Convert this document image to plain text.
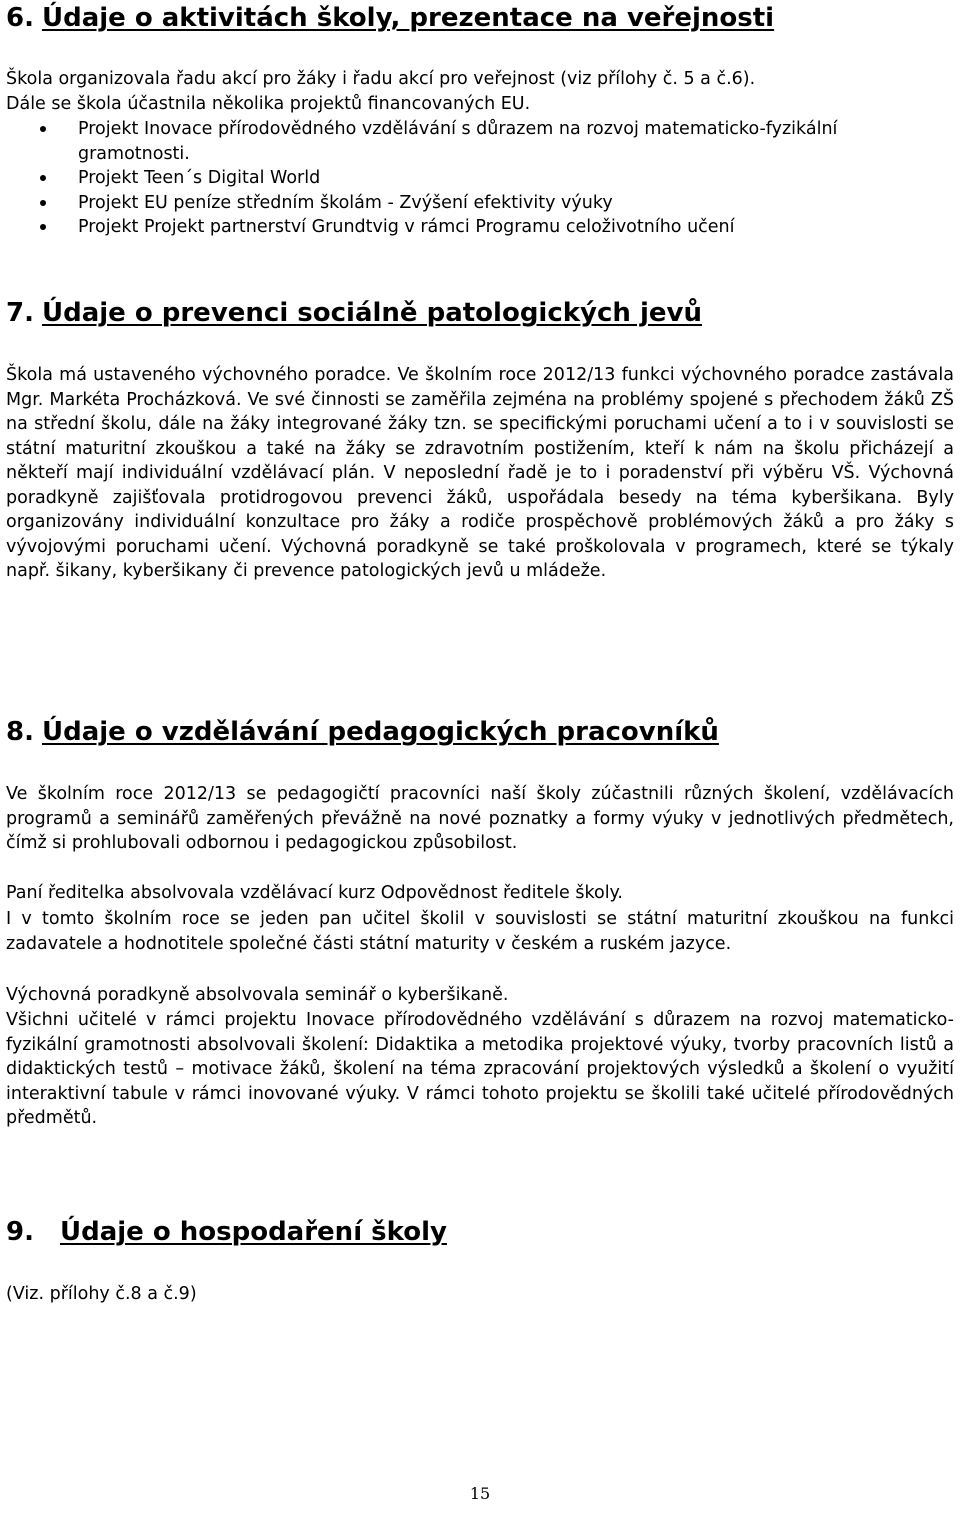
6. Údaje o aktivitách školy, prezentace na veřejnosti

Škola organizovala řadu akcí pro žáky i řadu akcí pro veřejnost (viz přílohy č. 5 a č.6).

Dále se škola účastnila několika projektů financovaných EU.

Projekt Inovace přírodovědného vzdělávání s důrazem na rozvoj matematicko-fyzikální gramotnosti.
Projekt Teen´s Digital World
Projekt EU peníze středním školám - Zvýšení efektivity výuky
Projekt Projekt partnerství Grundtvig v rámci Programu celoživotního učení
7. Údaje o prevenci sociálně patologických jevů

Škola má ustaveného výchovného poradce. Ve školním roce 2012/13 funkci výchovného poradce zastávala Mgr. Markéta Procházková. Ve své činnosti se zaměřila zejména na problémy spojené s přechodem žáků ZŠ na střední školu, dále na žáky integrované žáky tzn. se specifickými poruchami učení a to i v souvislosti se státní maturitní zkouškou a také na žáky se zdravotním postižením, kteří k nám na školu přicházejí a někteří mají individuální vzdělávací plán. V neposlední řadě je to i poradenství při výběru VŠ. Výchovná poradkyně zajišťovala protidrogovou prevenci žáků, uspořádala besedy na téma kyberšikana. Byly organizovány individuální konzultace pro žáky a rodiče prospěchově problémových žáků a pro žáky s vývojovými poruchami učení. Výchovná poradkyně se také proškolovala v programech, které se týkaly např. šikany, kyberšikany či prevence patologických jevů u mládeže.

8. Údaje o vzdělávání pedagogických pracovníků

Ve školním roce 2012/13 se pedagogičtí pracovníci naší školy zúčastnili různých školení, vzdělávacích programů a seminářů zaměřených převážně na nové poznatky a formy výuky v jednotlivých předmětech, čímž si prohlubovali odbornou i pedagogickou způsobilost.

Paní ředitelka absolvovala vzdělávací kurz Odpovědnost ředitele školy.

I v tomto školním roce se jeden pan učitel školil v souvislosti se státní maturitní zkouškou na funkci zadavatele a hodnotitele společné části státní maturity v českém a ruském jazyce.

Výchovná poradkyně absolvovala seminář o kyberšikaně.

Všichni učitelé v rámci projektu Inovace přírodovědného vzdělávání s důrazem na rozvoj matematicko-fyzikální gramotnosti absolvovali školení: Didaktika a metodika projektové výuky, tvorby pracovních listů a didaktických testů – motivace žáků, školení na téma zpracování projektových výsledků a školení o využití interaktivní tabule v rámci inovované výuky. V rámci tohoto projektu se školili také učitelé přírodovědných předmětů.

9. Údaje o hospodaření školy

(Viz. přílohy č.8 a č.9)

15
